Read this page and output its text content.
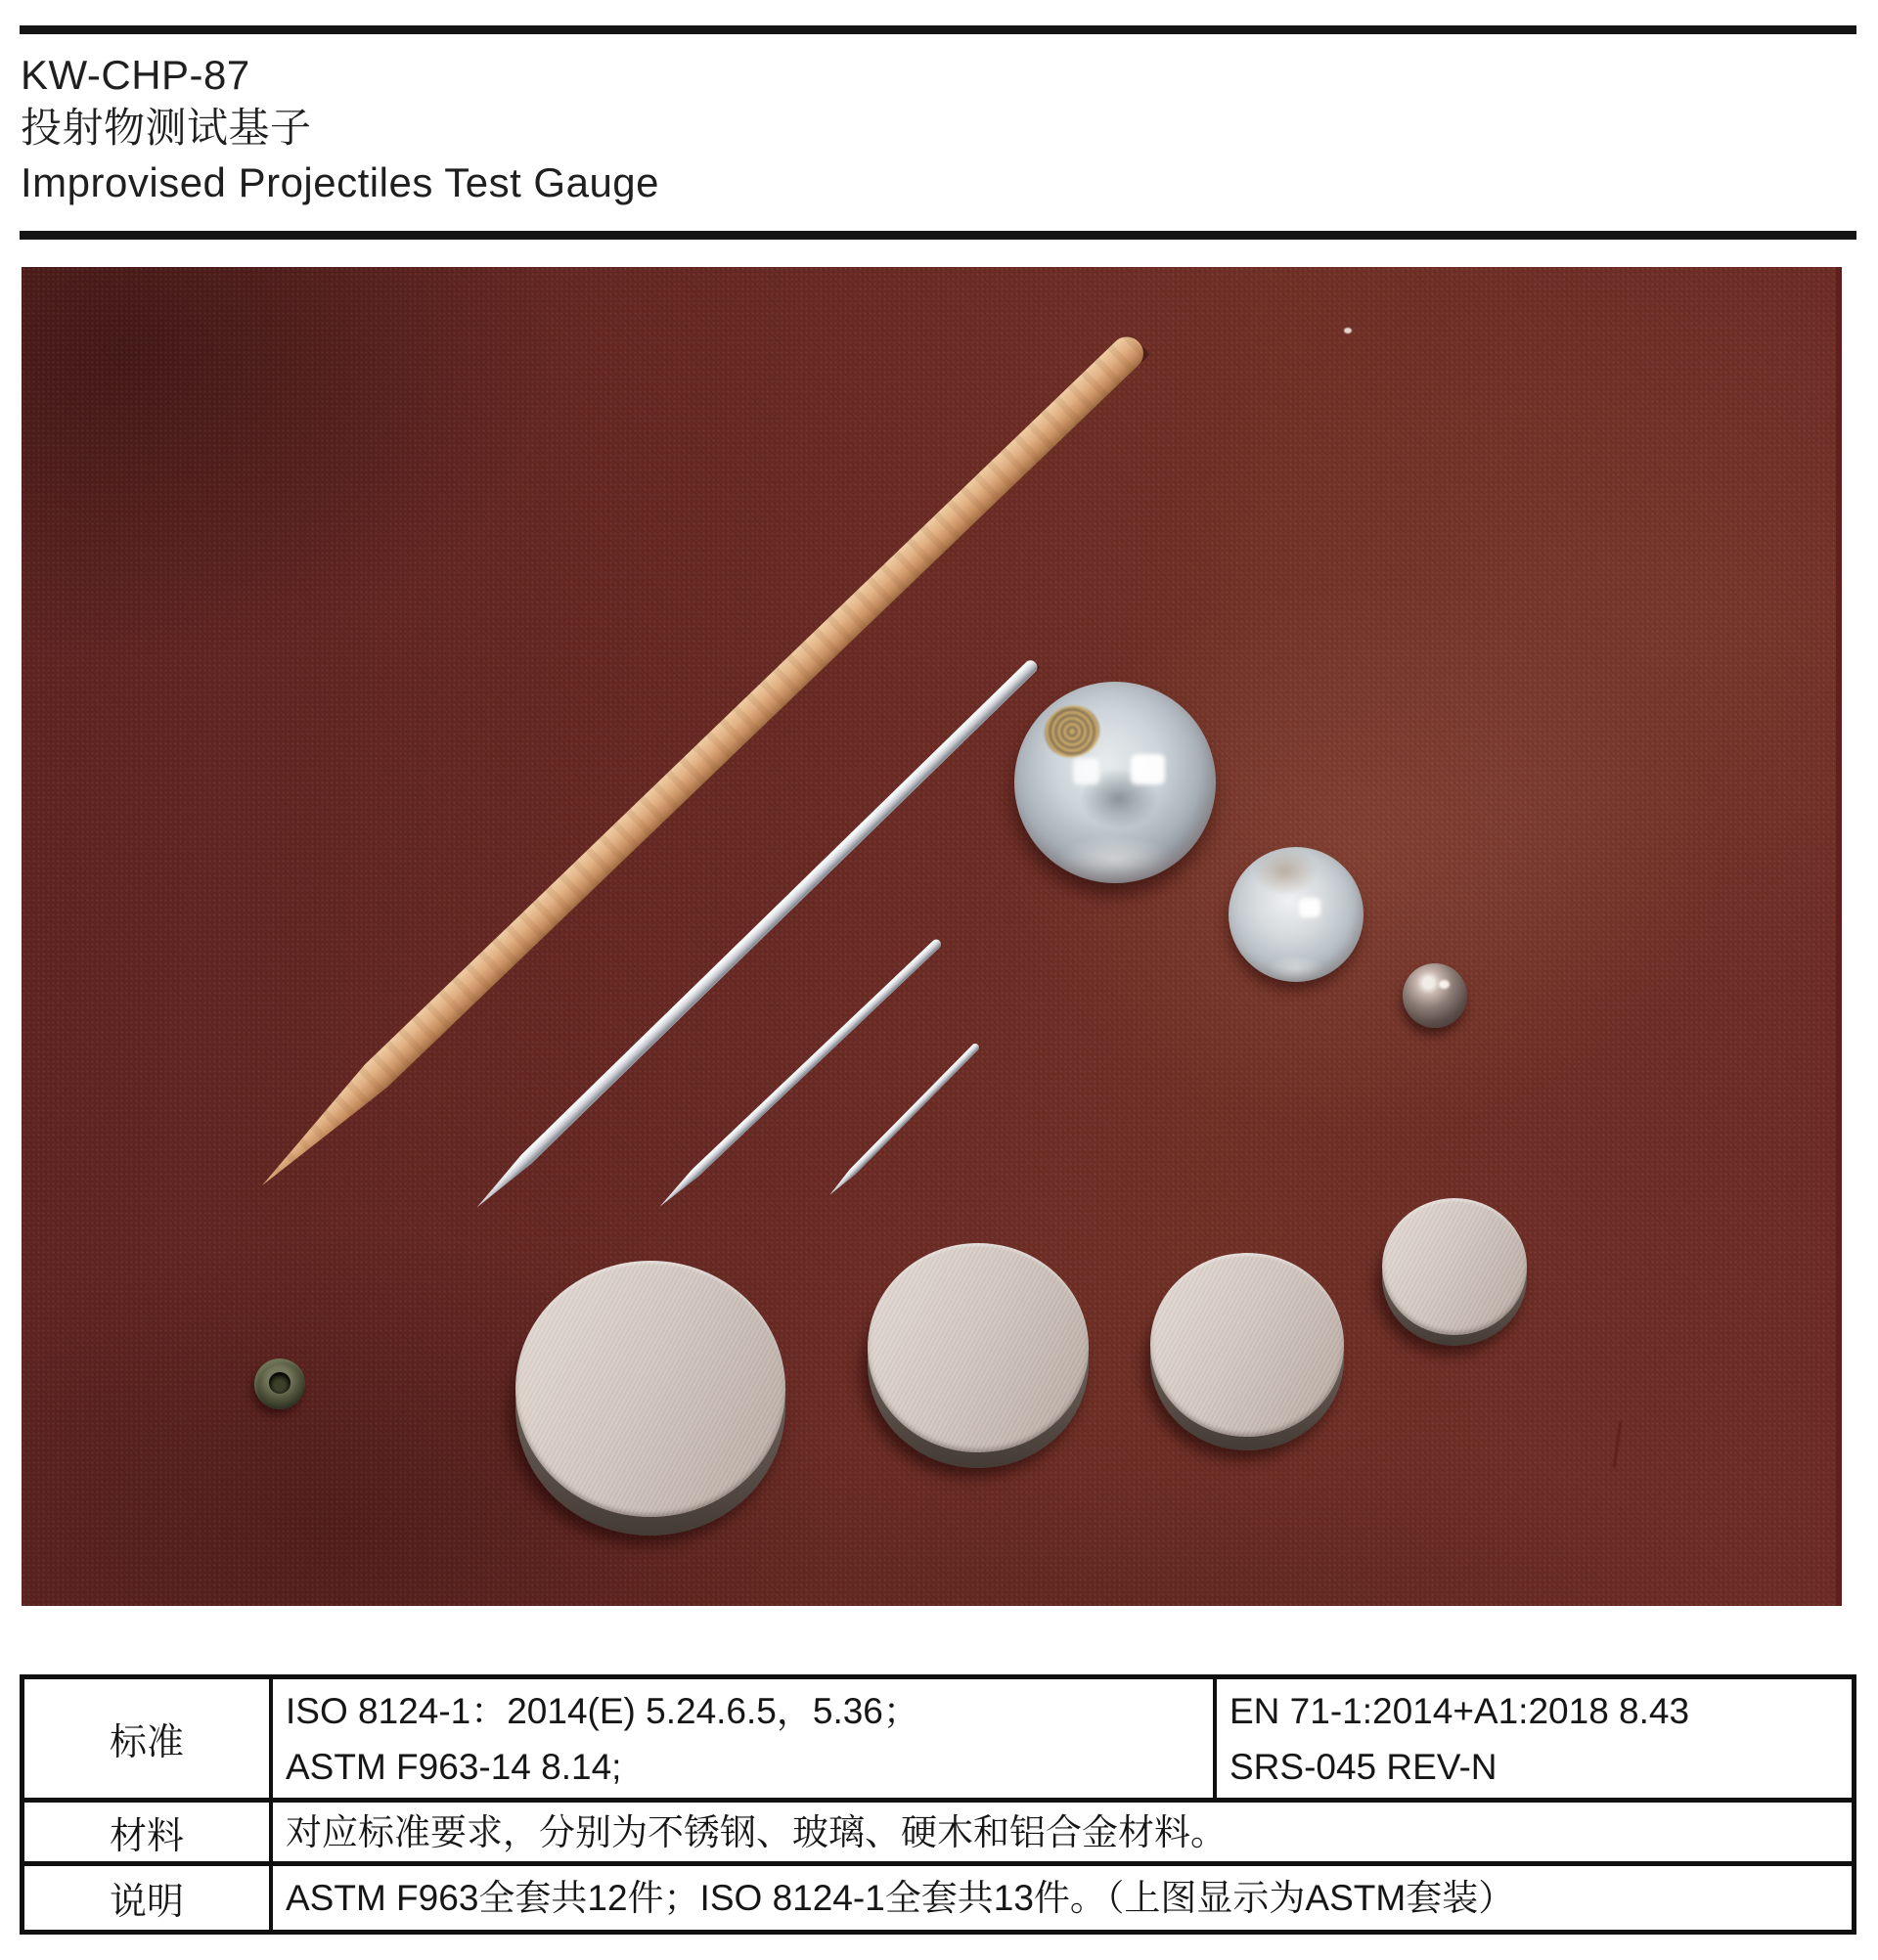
KW-CHP-87
投射物测试基子
Improvised Projectiles Test Gauge
标准
ISO 8124-1：2014(E) 5.24.6.5，5.36；
ASTM F963-14 8.14;
EN 71-1:2014+A1:2018 8.43
SRS-045 REV-N
材料	对应标准要求，分别为不锈钢、玻璃、硬木和铝合金材料。
说明	ASTM F963全套共12件；ISO 8124-1全套共13件。（上图显示为ASTM套装）
